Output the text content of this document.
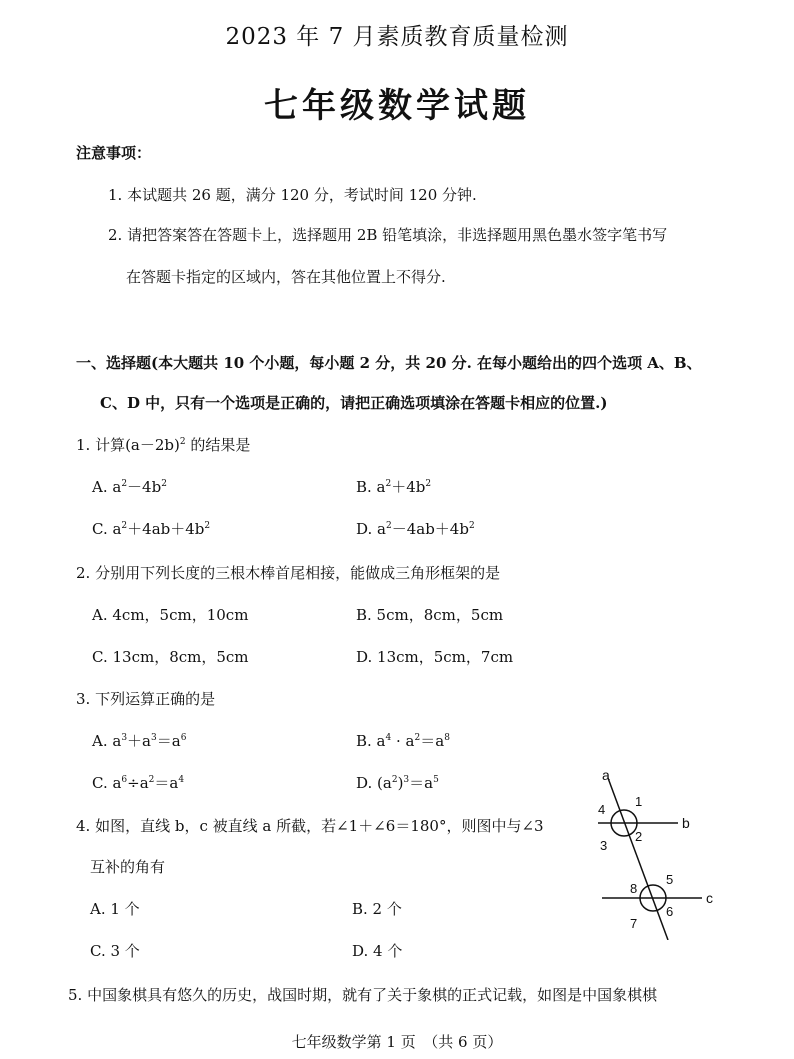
2023 年 7 月素质教育质量检测
七年级数学试题
注意事项：
1. 本试题共 26 题，满分 120 分，考试时间 120 分钟.
2. 请把答案答在答题卡上，选择题用 2B 铅笔填涂，非选择题用黑色墨水签字笔书写
在答题卡指定的区域内，答在其他位置上不得分.
一、选择题(本大题共 10 个小题，每小题 2 分，共 20 分. 在每小题给出的四个选项 A、B、
C、D 中，只有一个选项是正确的，请把正确选项填涂在答题卡相应的位置.)
1. 计算$(a-2b)^2$ 的结果是
A. $a^2-4b^2$	B. $a^2+4b^2$
C. $a^2+4ab+4b^2$	D. $a^2-4ab+4b^2$
2. 分别用下列长度的三根木棒首尾相接，能做成三角形框架的是
A. 4cm，5cm，10cm	B. 5cm，8cm，5cm
C. 13cm，8cm，5cm	D. 13cm，5cm，7cm
3. 下列运算正确的是
A. $a^3+a^3=a^6$	B. $a^4 \cdot a^2=a^8$
C. $a^6\div a^2=a^4$	D. $(a^2)^3=a^5$
4. 如图，直线 b，c 被直线 a 所截，若∠1＋∠6＝180°，则图中与∠3
互补的角有
A. 1 个	B. 2 个
C. 3 个	D. 4 个
a
b
c
1
2
3
4
5
6
7
8
5. 中国象棋具有悠久的历史，战国时期，就有了关于象棋的正式记载，如图是中国象棋棋
七年级数学第 1 页　（共 6 页）
